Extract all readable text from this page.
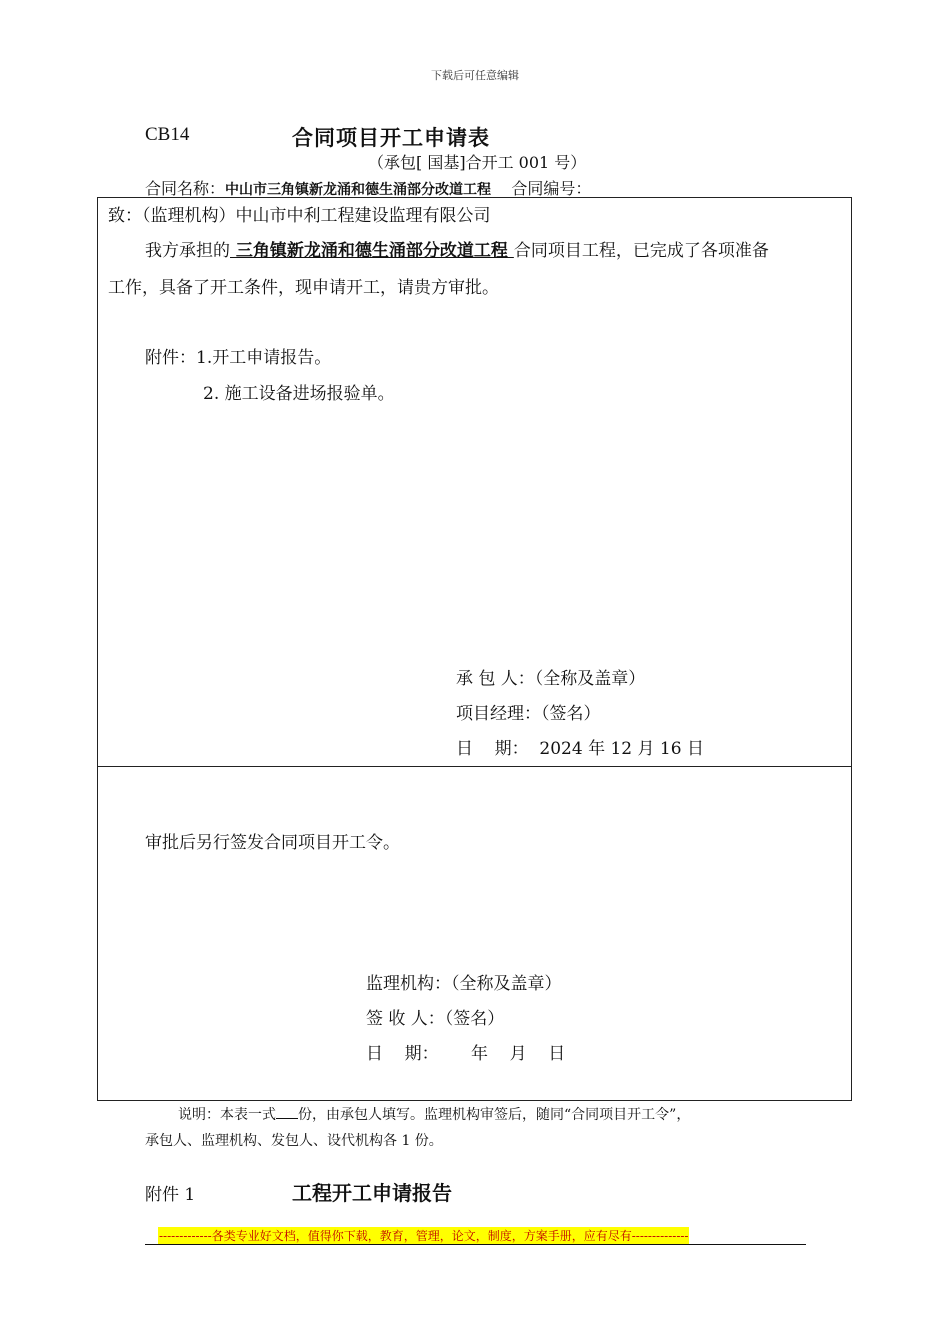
下载后可任意编辑
CB14	合同项目开工申请表
（承包[ 国基]合开工 001 号）
合同名称：中山市三角镇新龙涌和德生涌部分改道工程 合同编号：
致：（监理机构）中山市中利工程建设监理有限公司
我方承担的 三角镇新龙涌和德生涌部分改道工程 合同项目工程，已完成了各项准备
工作，具备了开工条件，现申请开工，请贵方审批。
附件：1.开工申请报告。
2. 施工设备进场报验单。
承 包 人：（全称及盖章）
项目经理：（签名）
日    期：  2024 年 12 月 16 日
审批后另行签发合同项目开工令。
监理机构：（全称及盖章）
签 收 人：（签名）
日    期：      年    月    日
说明：本表一式 份，由承包人填写。监理机构审签后，随同“合同项目开工令”，
承包人、监理机构、发包人、设代机构各 1 份。
附件 1	工程开工申请报告
-------------各类专业好文档，值得你下载，教育，管理，论文，制度，方案手册，应有尽有--------------
